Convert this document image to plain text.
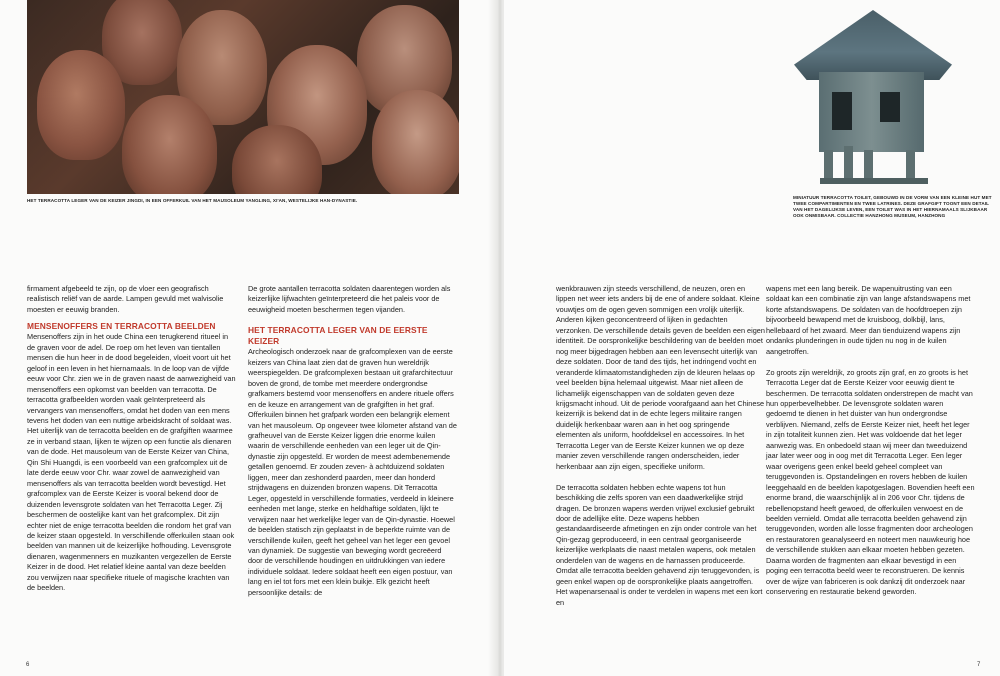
HET TERRACOTTA LEGER VAN DE KEIZER JINGDI, IN EEN OFFERKUIL VAN HET MAUSOLEUM YANGLING, XI'AN, WESTELIJKE HAN-DYNASTIE.

firmament afgebeeld te zijn, op de vloer een geografisch realistisch reliëf van de aarde. Lampen gevuld met walvisolie moesten er eeuwig branden.

MENSENOFFERS EN TERRACOTTA BEELDEN

Mensenoffers zijn in het oude China een terugkerend ritueel in de graven voor de adel. De roep om het leven van tientallen mensen die hun heer in de dood begeleiden, vloeit voort uit het geloof in een leven in het hiernamaals. In de loop van de vijfde eeuw voor Chr. zien we in de graven naast de aanwezigheid van mensenoffers een opkomst van beelden van terracotta. De terracotta grafbeelden worden vaak geïnterpreteerd als vervangers van mensenoffers, omdat het doden van een mens tevens het doden van een nuttige arbeidskracht of soldaat was. Het uiterlijk van de terracotta beelden en de grafgiften waarmee ze in verband staan, lijken te wijzen op een functie als dienaren van de dode. Het mausoleum van de Eerste Keizer van China, Qin Shi Huangdi, is een voorbeeld van een grafcomplex uit de late derde eeuw voor Chr. waar zowel de aanwezigheid van mensenoffers als van terracotta beelden wordt bevestigd. Het grafcomplex van de Eerste Keizer is vooral bekend door de duizenden levensgrote soldaten van het Terracotta Leger. Zij beschermen de oostelijke kant van het grafcomplex. Dit zijn echter niet de enige terracotta beelden die rondom het graf van de keizer staan opgesteld. In verschillende offerkuilen staan ook beelden van mannen uit de keizerlijke hofhouding. Levensgrote dienaren, wagenmenners en muzikanten vergezellen de Eerste Keizer in de dood. Het relatief kleine aantal van deze beelden zou verwijzen naar specifieke rituele of magische krachten van de beelden.

De grote aantallen terracotta soldaten daarentegen worden als keizerlijke lijfwachten geïnterpreteerd die het paleis voor de eeuwigheid moeten beschermen tegen vijanden.

HET TERRACOTTA LEGER VAN DE EERSTE KEIZER

Archeologisch onderzoek naar de grafcomplexen van de eerste keizers van China laat zien dat de graven hun wereldrijk weerspiegelden. De grafcomplexen bestaan uit grafarchitectuur boven de grond, de tombe met meerdere ondergrondse grafkamers bestemd voor mensenoffers en andere rituele offers en de keuze en arrangement van de grafgiften in het graf. Offerkuilen binnen het grafpark worden een belangrijk element van het mausoleum. Op ongeveer twee kilometer afstand van de grafheuvel van de Eerste Keizer liggen drie enorme kuilen waarin de verschillende eenheden van een leger uit de Qin-dynastie zijn opgesteld. Er worden de meest adembenemende getallen genoemd. Er zouden zeven- à achtduizend soldaten liggen, meer dan zeshonderd paarden, meer dan honderd strijdwagens en duizenden bronzen wapens. Dit Terracotta Leger, opgesteld in verschillende formaties, verdeeld in kleinere eenheden met lange, sterke en heldhaftige soldaten, lijkt te verwijzen naar het werkelijke leger van de Qin-dynastie. Hoewel de beelden statisch zijn geplaatst in de beperkte ruimte van de verschillende kuilen, geeft het geheel van het leger een gevoel van dynamiek. De suggestie van beweging wordt gecreëerd door de verschillende houdingen en uitdrukkingen van iedere individuele soldaat. Iedere soldaat heeft een eigen postuur, van lang en iel tot fors met een klein buikje. Elk gezicht heeft persoonlijke details: de

6
MINIATUUR TERRACOTTA TOILET, GEBOUWD IN DE VORM VAN EEN KLEINE HUT MET TWEE COMPARTIMENTEN EN TWEE LATRINES. DEZE GRAFGIFT TOONT EEN DETAIL VAN HET DAGELIJKSE LEVEN, EEN TOILET WAS IN HET HIERNAMAALS SLIJKBAAR OOK ONMISBAAR. COLLECTIE HANZHONG MUSEUM, HANZHONG

wenkbrauwen zijn steeds verschillend, de neuzen, oren en lippen net weer iets anders bij de ene of andere soldaat. Kleine vouwtjes om de ogen geven sommigen een vrolijk uiterlijk. Anderen kijken geconcentreerd of lijken in gedachten verzonken. De verschillende details geven de beelden een eigen identiteit. De oorspronkelijke beschildering van de beelden moet nog meer bijgedragen hebben aan een levensecht uiterlijk van deze soldaten. Door de tand des tijds, het indringend vocht en veranderde klimaatomstandigheden zijn de kleuren helaas op veel beelden bijna helemaal uitgewist. Maar niet alleen de lichamelijk eigenschappen van de soldaten geven deze krijgsmacht inhoud. Uit de periode voorafgaand aan het Chinese keizerrijk is bekend dat in de echte legers militaire rangen duidelijk herkenbaar waren aan in het oog springende elementen als uniform, hoofddeksel en accessoires. In het Terracotta Leger van de Eerste Keizer kunnen we op deze manier zeven verschillende rangen onderscheiden, ieder herkenbaar aan zijn eigen, specifieke uniform.

De terracotta soldaten hebben echte wapens tot hun beschikking die zelfs sporen van een daadwerkelijke strijd dragen. De bronzen wapens werden vrijwel exclusief gebruikt door de adellijke elite. Deze wapens hebben gestandaardiseerde afmetingen en zijn onder controle van het Qin-gezag geproduceerd, in een centraal georganiseerde keizerlijke werkplaats die naast metalen wapens, ook metalen onderdelen van de wagens en de harnassen produceerde. Omdat alle terracotta beelden gehavend zijn teruggevonden, is geen enkel wapen op de oorspronkelijke plaats aangetroffen. Het wapenarsenaal is onder te verdelen in wapens met een kort en

wapens met een lang bereik. De wapenuitrusting van een soldaat kan een combinatie zijn van lange afstandswapens met korte afstandswapens. De soldaten van de hoofdtroepen zijn bijvoorbeeld bewapend met de kruisboog, dolkbijl, lans, hellebaard of het zwaard. Meer dan tienduizend wapens zijn ondanks plunderingen in oude tijden nu nog in de kuilen aangetroffen.

Zo groots zijn wereldrijk, zo groots zijn graf, en zo groots is het Terracotta Leger dat de Eerste Keizer voor eeuwig dient te beschermen. De terracotta soldaten onderstrepen de macht van hun opperbevelhebber. De levensgrote soldaten waren gedoemd te dienen in het duister van hun ondergrondse verblijven. Niemand, zelfs de Eerste Keizer niet, heeft het leger in zijn totaliteit kunnen zien. Het was voldoende dat het leger aanwezig was. En onbedoeld staan wij meer dan tweeduizend jaar later weer oog in oog met dit Terracotta Leger. Een leger waar overigens geen enkel beeld geheel compleet van teruggevonden is. Opstandelingen en rovers hebben de kuilen leeggehaald en de beelden kapotgeslagen. Bovendien heeft een enorme brand, die waarschijnlijk al in 206 voor Chr. tijdens de rebellenopstand heeft gewoed, de offerkuilen verwoest en de beelden vernield. Omdat alle terracotta beelden gehavend zijn teruggevonden, worden alle losse fragmenten door archeologen en restauratoren geanalyseerd en noteert men nauwkeurig hoe de verschillende stukken aan elkaar moeten hebben gezeten. Daarna worden de fragmenten aan elkaar bevestigd in een poging een terracotta beeld weer te reconstrueren. De kennis over de wijze van fabriceren is ook dankzij dit onderzoek naar conservering en restauratie bekend geworden.

7
